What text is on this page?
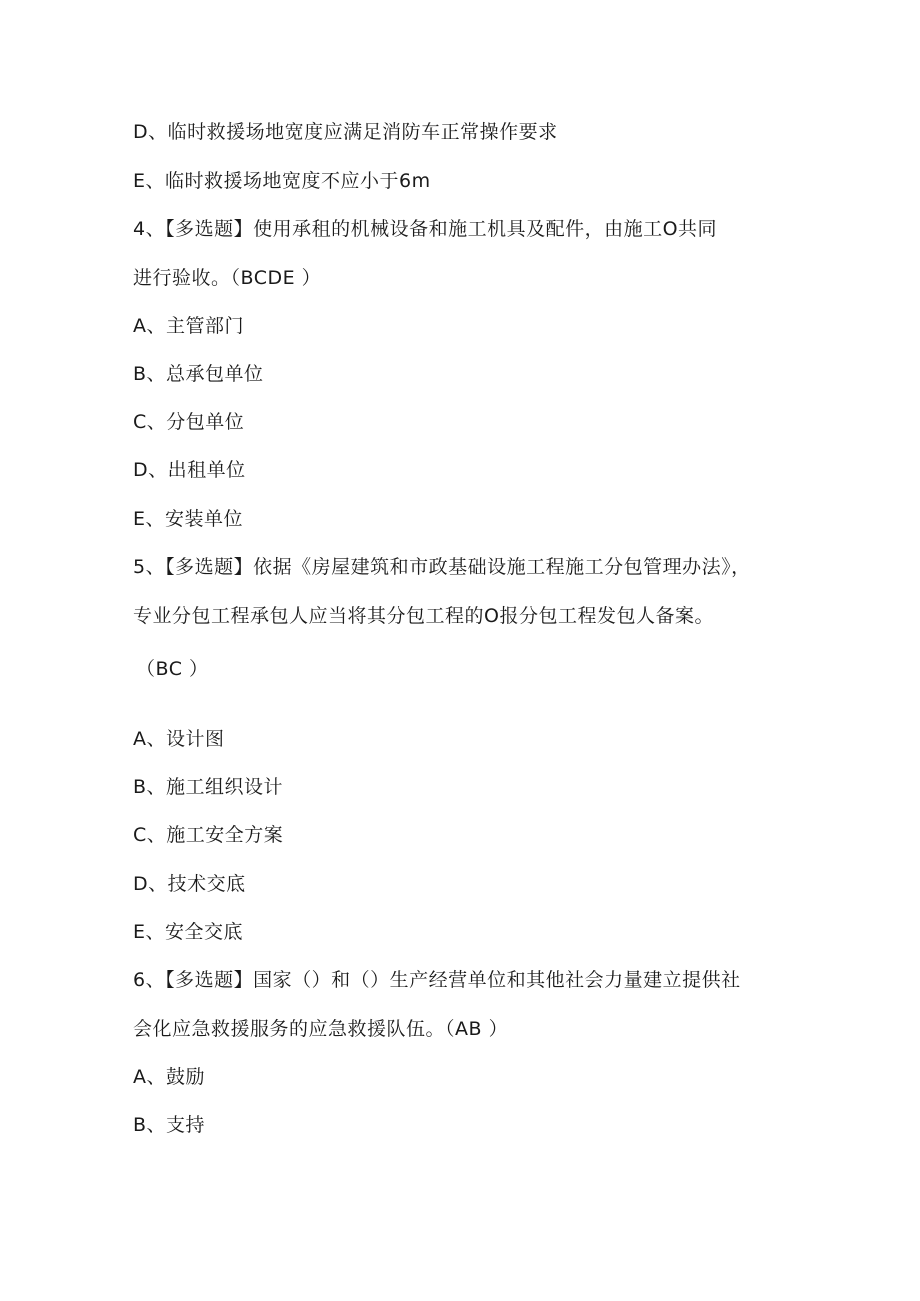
D、临时救援场地宽度应满足消防车正常操作要求
E、临时救援场地宽度不应小于6m
4、【多选题】使用承租的机械设备和施工机具及配件，由施工O共同
进行验收。（BCDE ）
A、主管部门
B、总承包单位
C、分包单位
D、出租单位
E、安装单位
5、【多选题】依据《房屋建筑和市政基础设施工程施工分包管理办法》，
专业分包工程承包人应当将其分包工程的O报分包工程发包人备案。
（BC ）
A、设计图
B、施工组织设计
C、施工安全方案
D、技术交底
E、安全交底
6、【多选题】国家（）和（）生产经营单位和其他社会力量建立提供社
会化应急救援服务的应急救援队伍。（AB ）
A、鼓励
B、支持
